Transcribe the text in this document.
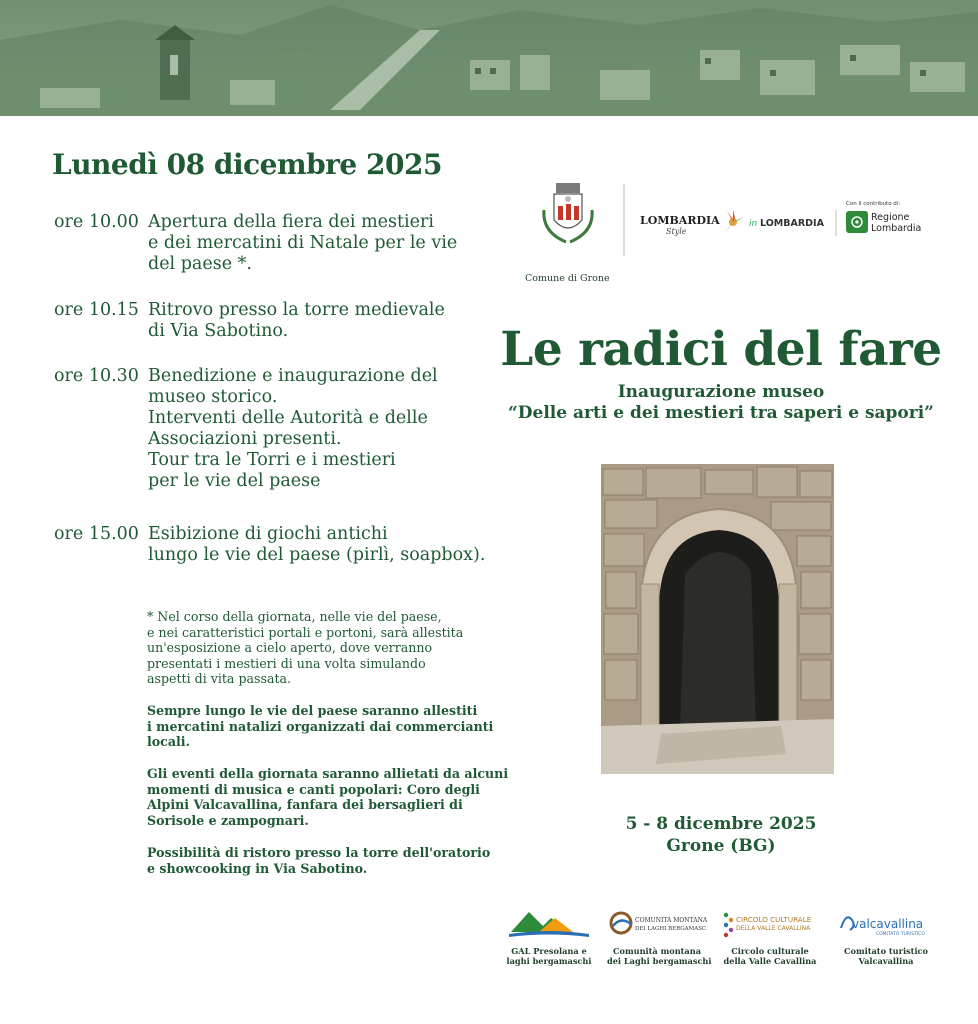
Lunedì 08 dicembre 2025
ore 10.00 Apertura della fiera dei mestieri
e dei mercatini di Natale per le vie
del paese *.
ore 10.15 Ritrovo presso la torre medievale
di Via Sabotino.
ore 10.30 Benedizione e inaugurazione del
museo storico.
Interventi delle Autorità e delle
Associazioni presenti.
Tour tra le Torri e i mestieri
per le vie del paese
ore 15.00 Esibizione di giochi antichi
lungo le vie del paese (pirlì, soapbox).
* Nel corso della giornata, nelle vie del paese,
e nei caratteristici portali e portoni, sarà allestita
un'esposizione a cielo aperto, dove verranno
presentati i mestieri di una volta simulando
aspetti di vita passata.
Sempre lungo le vie del paese saranno allestiti
i mercatini natalizi organizzati dai commercianti
locali.
Gli eventi della giornata saranno allietati da alcuni
momenti di musica e canti popolari: Coro degli
Alpini Valcavallina, fanfara dei bersaglieri di
Sorisole e zampognari.
Possibilità di ristoro presso la torre dell'oratorio
e showcooking in Via Sabotino.
Comune di Grone
LOMBARDIA
Style
in LOMBARDIA
Con il contributo di:
Regione
Lombardia
Le radici del fare
Inaugurazione museo
“Delle arti e dei mestieri tra saperi e sapori”
5 - 8 dicembre 2025
Grone (BG)
GAL Presolana e
laghi bergamaschi
COMUNITÀ MONTANA
DEI LAGHI BERGAMASCHI
Comunità montana
dei Laghi bergamaschi
CIRCOLO CULTURALE
DELLA VALLE CAVALLINA
Circolo culturale
della Valle Cavallina
valcavallina
COMITATO TURISTICO
Comitato turistico
Valcavallina
